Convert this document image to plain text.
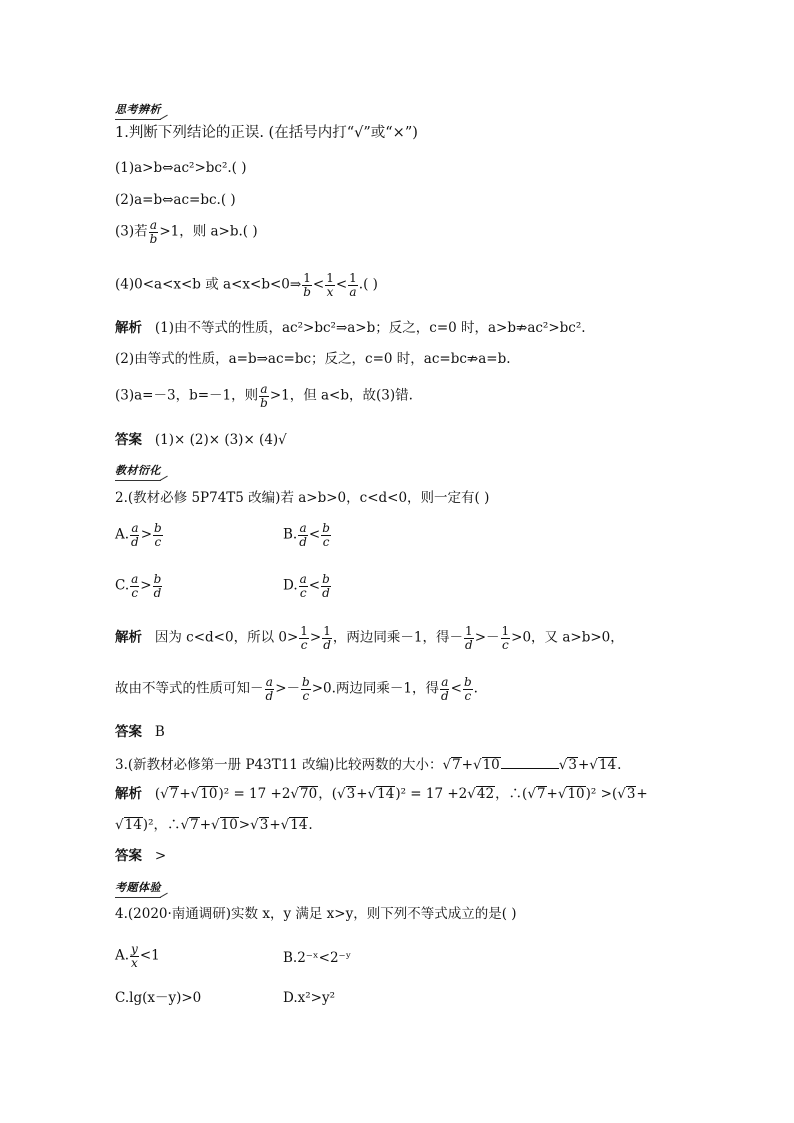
思考辨析
1.判断下列结论的正误. (在括号内打“√”或“×”)
(1)a>b⇔ac²>bc².( )
(2)a=b⇔ac=bc.( )
(3)若 $\frac{a}{b} >1$，则 a>b.( )
(4)0<a<x<b 或 a<x<b<0⇒ $\frac{1}{b} < \frac{1}{x} < \frac{1}{a}$ .( )
解析 (1)由不等式的性质，ac²>bc²⇒a>b；反之，c=0 时，a>b⇏ac²>bc².
(2)由等式的性质，a=b⇒ac=bc；反之，c=0 时，ac=bc⇏a=b.
(3)a=－3，b=－1，则 $\frac{a}{b} >1$，但 a<b，故(3)错.
答案 (1)× (2)× (3)× (4)√
教材衍化
2.(教材必修 5P74T5 改编)若 a>b>0，c<d<0，则一定有( )
A. $\frac{a}{d} > \frac{b}{c}$	B. $\frac{a}{d} < \frac{b}{c}$
C. $\frac{a}{c} > \frac{b}{d}$	D. $\frac{a}{c} < \frac{b}{d}$
解析 因为 c<d<0，所以 $0> \frac{1}{c} > \frac{1}{d}$ ，两边同乘－1，得－ $\frac{1}{d} >- \frac{1}{c} >0$，又 a>b>0，
故由不等式的性质可知－ $\frac{a}{d} >- \frac{b}{c} >0$.两边同乘－1，得 $\frac{a}{d} < \frac{b}{c}$ .
答案 B
3.(新教材必修第一册 P43T11 改编)比较两数的大小：√7+√10	√3+√14.
解析 (√7+√10)² = 17 +2√70，(√3+√14)² = 17 +2√42，∴(√7+√10)² >(√3+
√14)²，∴√7+√10>√3+√14.
答案 >
考题体验
4.(2020·南通调研)实数 x，y 满足 x>y，则下列不等式成立的是( )
A. $\frac{y}{x} <1$	B.2⁻ˣ<2⁻ʸ
C.lg(x－y)>0	D.x²>y²
